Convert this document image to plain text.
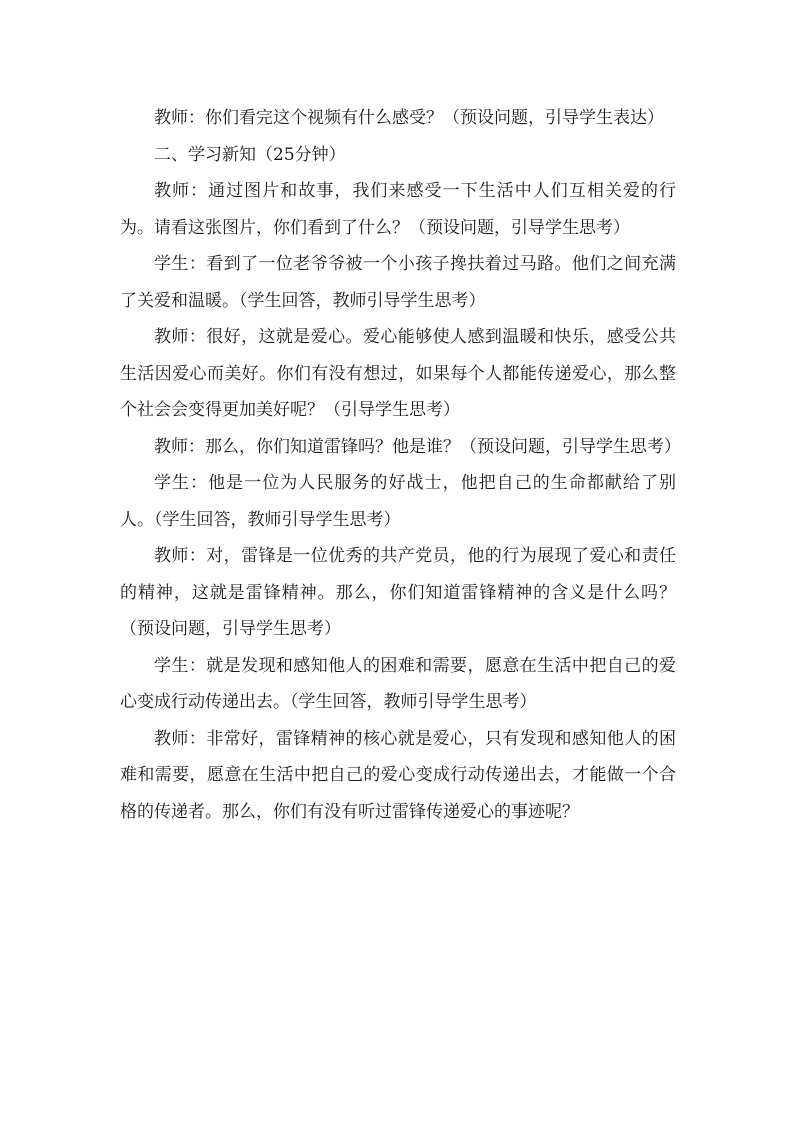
教师：你们看完这个视频有什么感受？（预设问题，引导学生表达）

二、学习新知（25分钟）

教师：通过图片和故事，我们来感受一下生活中人们互相关爱的行为。请看这张图片，你们看到了什么？（预设问题，引导学生思考）

学生：看到了一位老爷爷被一个小孩子搀扶着过马路。他们之间充满了关爱和温暖。（学生回答，教师引导学生思考）

教师：很好，这就是爱心。爱心能够使人感到温暖和快乐，感受公共生活因爱心而美好。你们有没有想过，如果每个人都能传递爱心，那么整个社会会变得更加美好呢？（引导学生思考）

教师：那么，你们知道雷锋吗？他是谁？（预设问题，引导学生思考）

学生：他是一位为人民服务的好战士，他把自己的生命都献给了别人。（学生回答，教师引导学生思考）

教师：对，雷锋是一位优秀的共产党员，他的行为展现了爱心和责任的精神，这就是雷锋精神。那么，你们知道雷锋精神的含义是什么吗？（预设问题，引导学生思考）

学生：就是发现和感知他人的困难和需要，愿意在生活中把自己的爱心变成行动传递出去。（学生回答，教师引导学生思考）

教师：非常好，雷锋精神的核心就是爱心，只有发现和感知他人的困难和需要，愿意在生活中把自己的爱心变成行动传递出去，才能做一个合格的传递者。那么，你们有没有听过雷锋传递爱心的事迹呢？
